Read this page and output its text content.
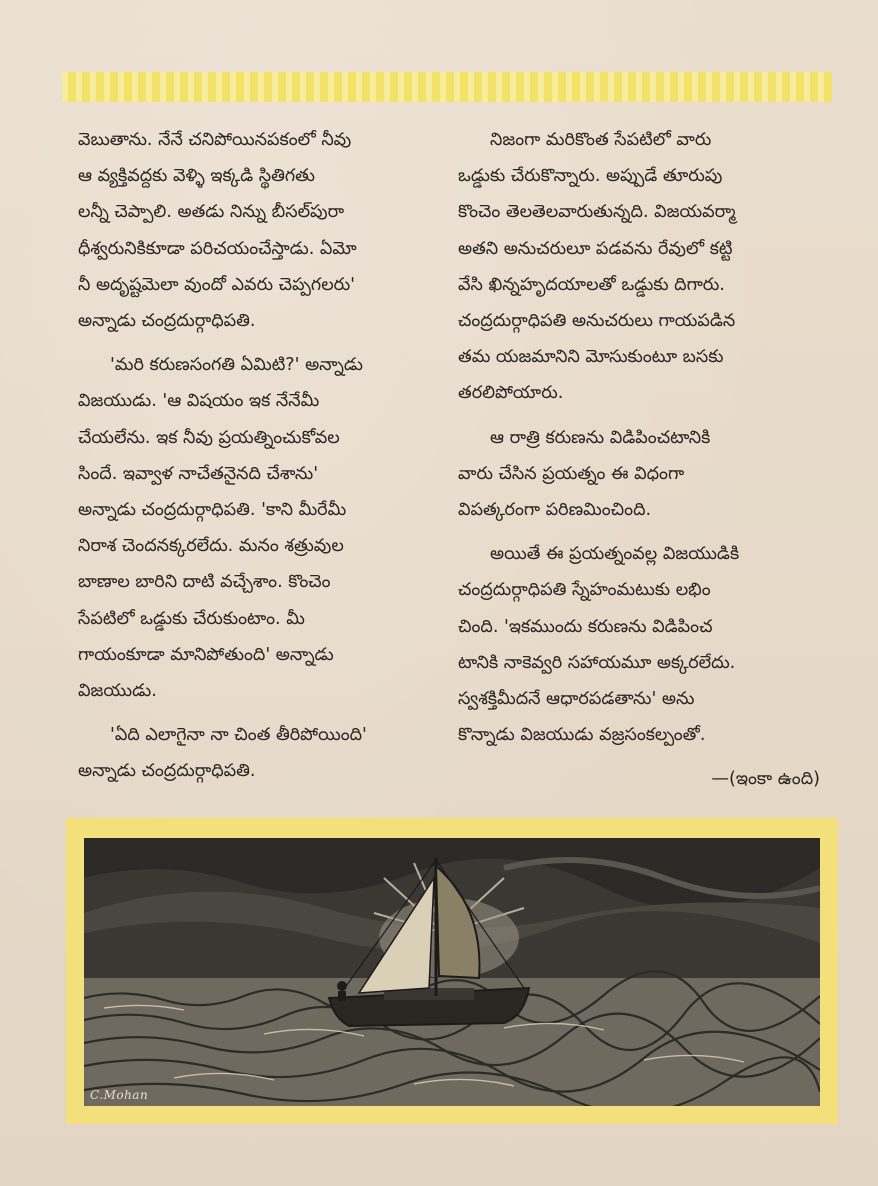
వెబుతాను. నేనే చనిపోయినపకంలో నీవు
ఆ వ్యక్తివద్దకు వెళ్ళి ఇక్కడి స్థితిగతు
లన్నీ చెప్పాలి. అతడు నిన్ను బీసల్‌పురా
ధీశ్వరునికికూడా పరిచయంచేస్తాడు. ఏమో
నీ అదృష్టమెలా వుందో ఎవరు చెప్పగలరు'
అన్నాడు చంద్రదుర్గాధిపతి.

'మరి కరుణసంగతి ఏమిటి?' అన్నాడు
విజయుడు. 'ఆ విషయం ఇక నేనేమీ
చేయలేను. ఇక నీవు ప్రయత్నించుకోవల
సిందే. ఇవ్వాళ నాచేతనైనది చేశాను'
అన్నాడు చంద్రదుర్గాధిపతి. 'కాని మీరేమీ
నిరాశ చెందనక్కరలేదు. మనం శత్రువుల
బాణాల బారిని దాటి వచ్చేశాం. కొంచెం
సేపటిలో ఒడ్డుకు చేరుకుంటాం. మీ
గాయంకూడా మానిపోతుంది' అన్నాడు
విజయుడు.

'ఏది ఎలాగైనా నా చింత తీరిపోయింది'
అన్నాడు చంద్రదుర్గాధిపతి.

నిజంగా మరికొంత సేపటిలో వారు
ఒడ్డుకు చేరుకొన్నారు. అప్పుడే తూరుపు
కొంచెం తెలతెలవారుతున్నది. విజయవర్మా
అతని అనుచరులూ పడవను రేవులో కట్టి
వేసి ఖిన్నహృదయాలతో ఒడ్డుకు దిగారు.
చంద్రదుర్గాధిపతి అనుచరులు గాయపడిన
తమ యజమానిని మోసుకుంటూ బసకు
తరలిపోయారు.

ఆ రాత్రి కరుణను విడిపించటానికి
వారు చేసిన ప్రయత్నం ఈ విధంగా
విపత్కరంగా పరిణమించింది.

అయితే ఈ ప్రయత్నంవల్ల విజయుడికి
చంద్రదుర్గాధిపతి స్నేహంమటుకు లభిం
చింది. 'ఇకముందు కరుణను విడిపించ
టానికి నాకెవ్వరి సహాయమూ అక్కరలేదు.
స్వశక్తిమీదనే ఆధారపడతాను' అను
కొన్నాడు విజయుడు వజ్రసంకల్పంతో.

—(ఇంకా ఉంది)
C.Mohan
